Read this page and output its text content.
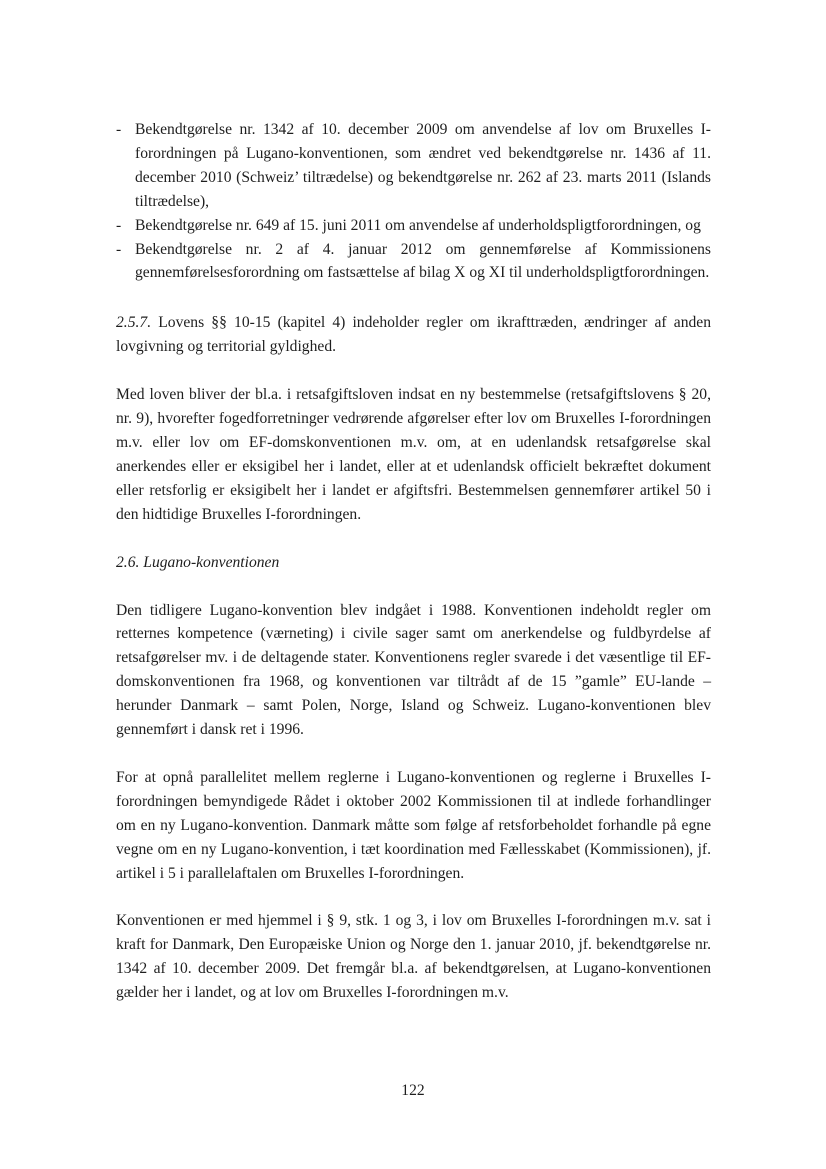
- Bekendtgørelse nr. 1342 af 10. december 2009 om anvendelse af lov om Bruxelles I-forordningen på Lugano-konventionen, som ændret ved bekendtgørelse nr. 1436 af 11. december 2010 (Schweiz’ tiltrædelse) og bekendtgørelse nr. 262 af 23. marts 2011 (Islands tiltrædelse),
- Bekendtgørelse nr. 649 af 15. juni 2011 om anvendelse af underholdspligtforordningen, og
- Bekendtgørelse nr. 2 af 4. januar 2012 om gennemførelse af Kommissionens gennemførelsesforordning om fastsættelse af bilag X og XI til underholdspligtforordningen.

2.5.7. Lovens §§ 10-15 (kapitel 4) indeholder regler om ikrafttræden, ændringer af anden lovgivning og territorial gyldighed.

Med loven bliver der bl.a. i retsafgiftsloven indsat en ny bestemmelse (retsafgiftslovens § 20, nr. 9), hvorefter fogedforretninger vedrørende afgørelser efter lov om Bruxelles I-forordningen m.v. eller lov om EF-domskonventionen m.v. om, at en udenlandsk retsafgørelse skal anerkendes eller er eksigibel her i landet, eller at et udenlandsk officielt bekræftet dokument eller retsforlig er eksigibelt her i landet er afgiftsfri. Bestemmelsen gennemfører artikel 50 i den hidtidige Bruxelles I-forordningen.

2.6. Lugano-konventionen

Den tidligere Lugano-konvention blev indgået i 1988. Konventionen indeholdt regler om retternes kompetence (værneting) i civile sager samt om anerkendelse og fuldbyrdelse af retsafgørelser mv. i de deltagende stater. Konventionens regler svarede i det væsentlige til EF-domskonventionen fra 1968, og konventionen var tiltrådt af de 15 ”gamle” EU-lande – herunder Danmark – samt Polen, Norge, Island og Schweiz. Lugano-konventionen blev gennemført i dansk ret i 1996.

For at opnå parallelitet mellem reglerne i Lugano-konventionen og reglerne i Bruxelles I-forordningen bemyndigede Rådet i oktober 2002 Kommissionen til at indlede forhandlinger om en ny Lugano-konvention. Danmark måtte som følge af retsforbeholdet forhandle på egne vegne om en ny Lugano-konvention, i tæt koordination med Fællesskabet (Kommissionen), jf. artikel i 5 i parallelaftalen om Bruxelles I-forordningen.

Konventionen er med hjemmel i § 9, stk. 1 og 3, i lov om Bruxelles I-forordningen m.v. sat i kraft for Danmark, Den Europæiske Union og Norge den 1. januar 2010, jf. bekendtgørelse nr. 1342 af 10. december 2009. Det fremgår bl.a. af bekendtgørelsen, at Lugano-konventionen gælder her i landet, og at lov om Bruxelles I-forordningen m.v.

122
